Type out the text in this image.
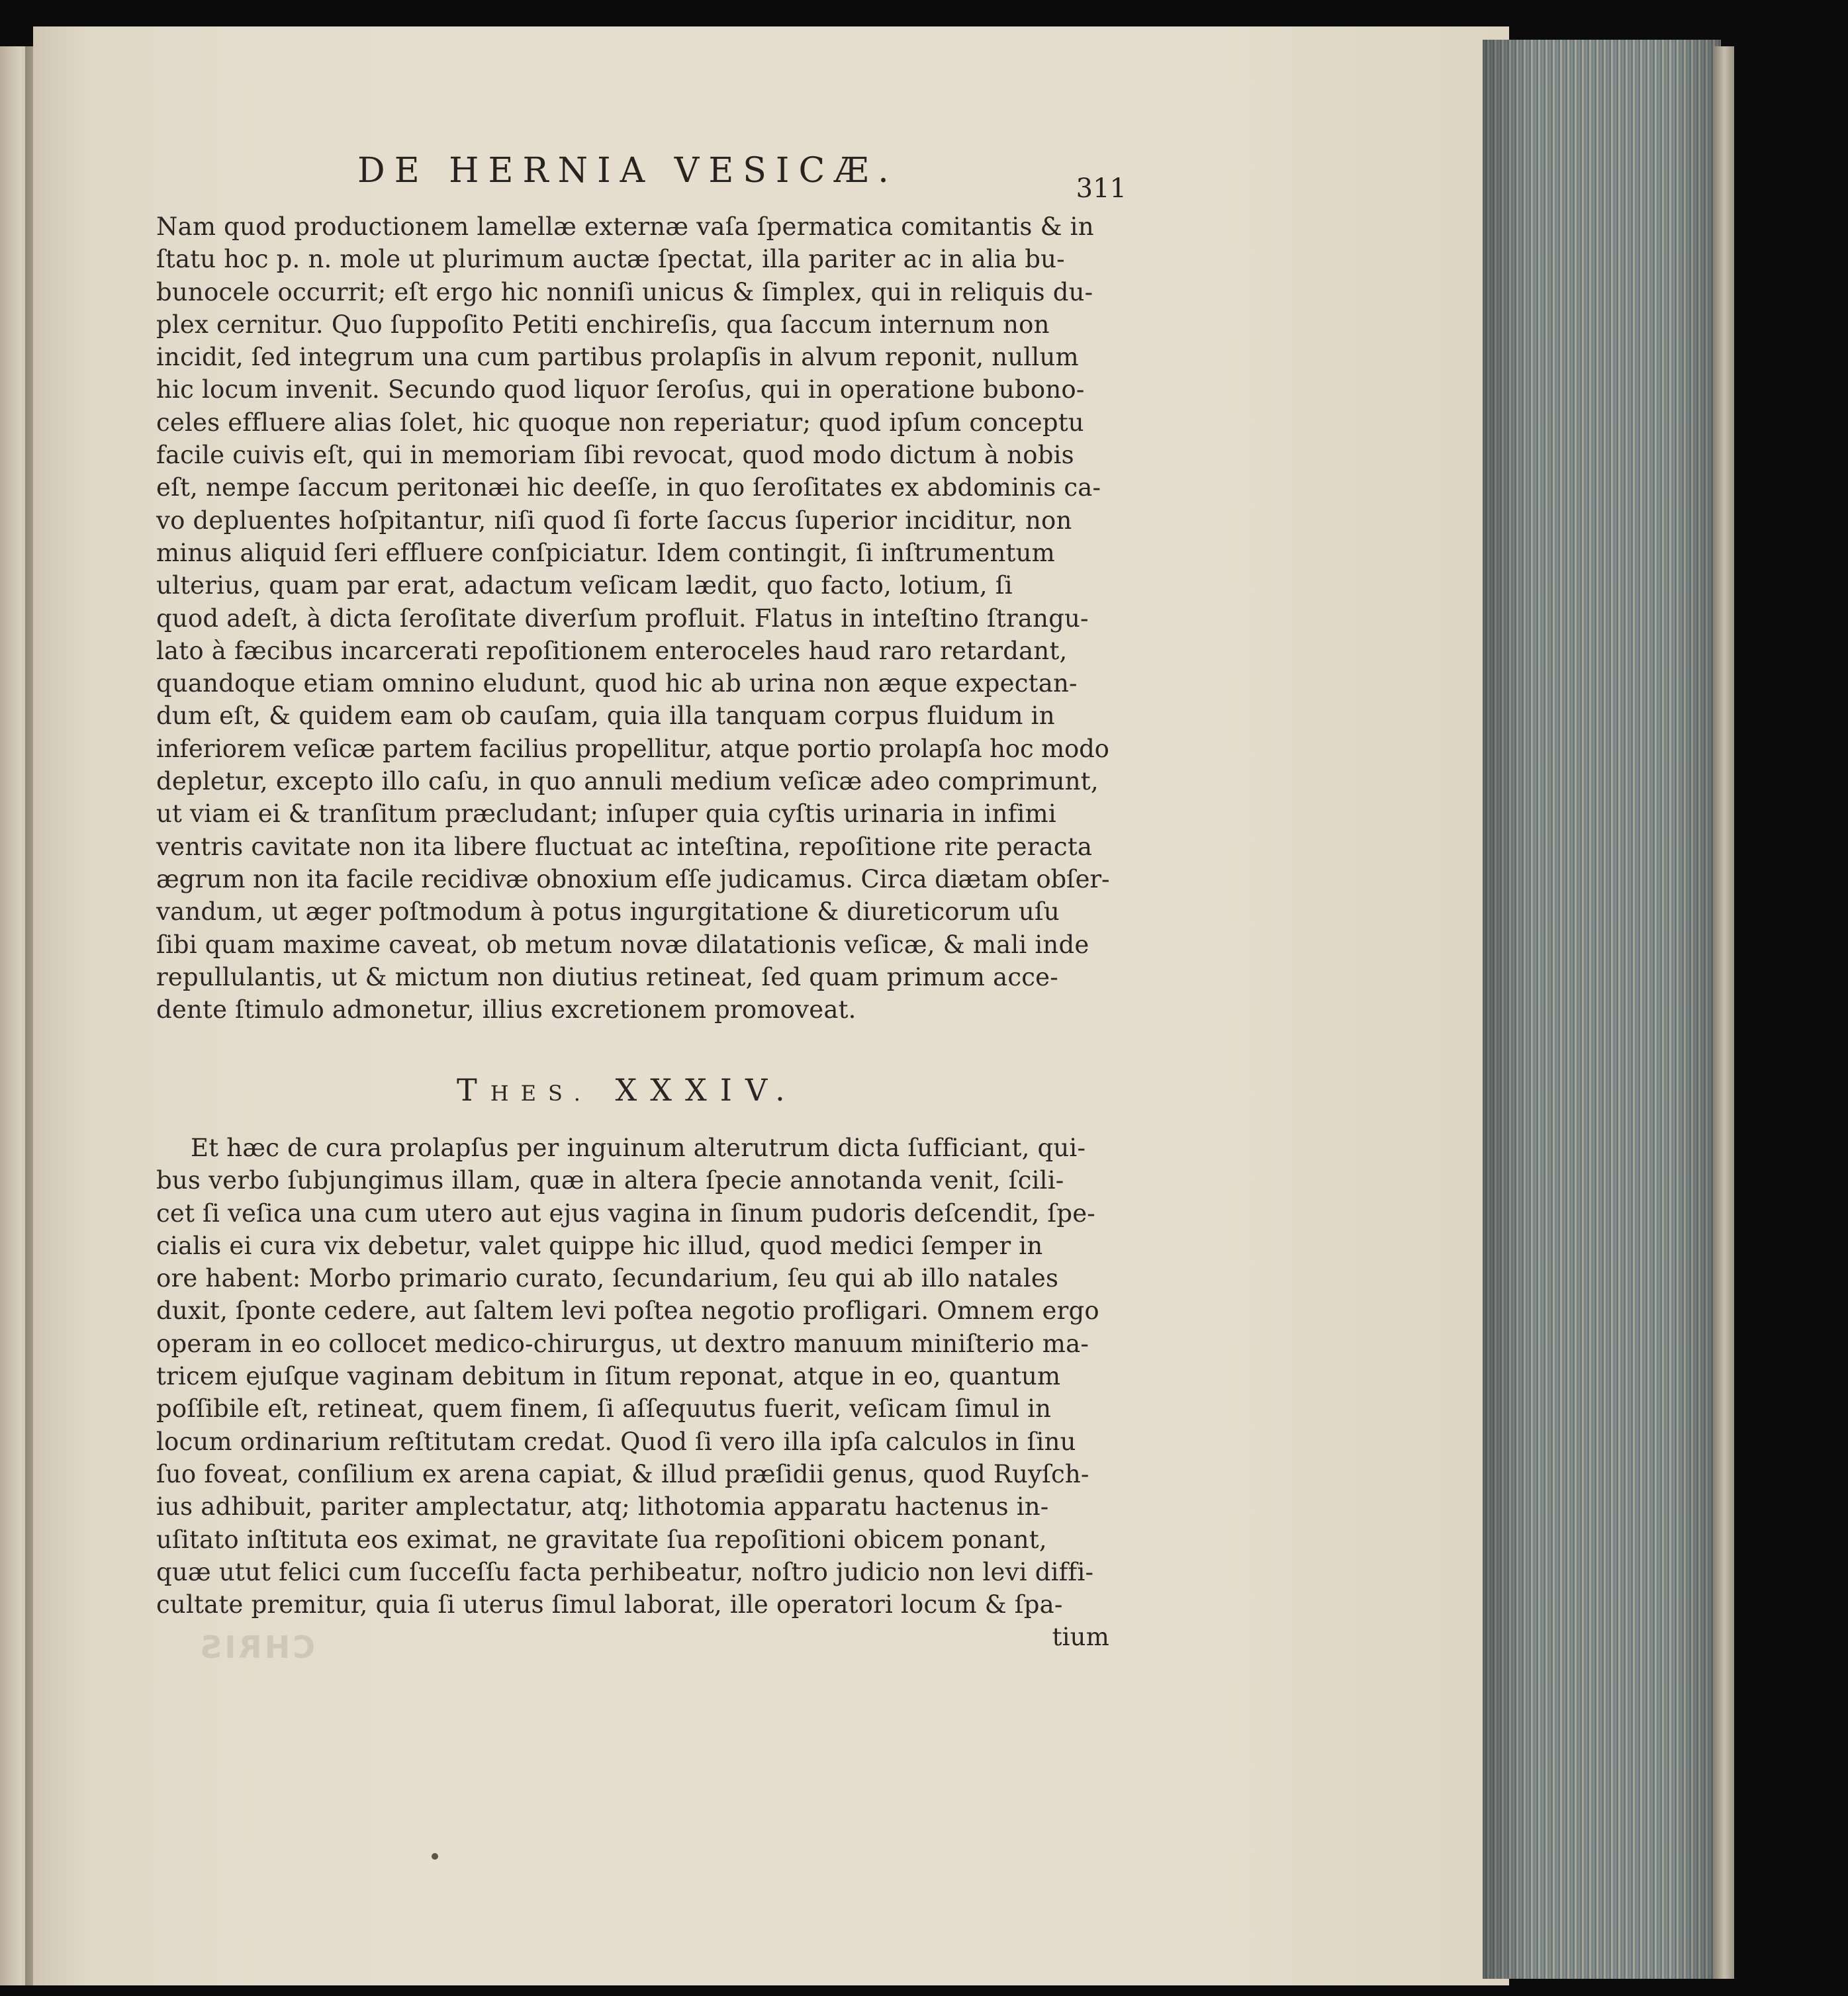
DE HERNIA VESICÆ.	311
Nam quod productionem lamellæ externæ vaſa ſpermatica comitantis & in
ſtatu hoc p. n. mole ut plurimum auctæ ſpectat, illa pariter ac in alia bu-
bunocele occurrit; eſt ergo hic nonniſi unicus & ſimplex, qui in reliquis du-
plex cernitur. Quo ſuppoſito Petiti enchireſis, qua ſaccum internum non
incidit, ſed integrum una cum partibus prolapſis in alvum reponit, nullum
hic locum invenit. Secundo quod liquor ſeroſus, qui in operatione bubono-
celes effluere alias ſolet, hic quoque non reperiatur; quod ipſum conceptu
facile cuivis eſt, qui in memoriam ſibi revocat, quod modo dictum à nobis
eſt, nempe ſaccum peritonæi hic deeſſe, in quo ſeroſitates ex abdominis ca-
vo depluentes hoſpitantur, niſi quod ſi forte ſaccus ſuperior inciditur, non
minus aliquid ſeri effluere conſpiciatur. Idem contingit, ſi inſtrumentum
ulterius, quam par erat, adactum veſicam lædit, quo facto, lotium, ſi
quod adeſt, à dicta ſeroſitate diverſum profluit. Flatus in inteſtino ſtrangu-
lato à fæcibus incarcerati repoſitionem enteroceles haud raro retardant,
quandoque etiam omnino eludunt, quod hic ab urina non æque expectan-
dum eſt, & quidem eam ob cauſam, quia illa tanquam corpus fluidum in
inferiorem veſicæ partem facilius propellitur, atque portio prolapſa hoc modo
depletur, excepto illo caſu, in quo annuli medium veſicæ adeo comprimunt,
ut viam ei & tranſitum præcludant; inſuper quia cyſtis urinaria in infimi
ventris cavitate non ita libere fluctuat ac inteſtina, repoſitione rite peracta
ægrum non ita facile recidivæ obnoxium eſſe judicamus. Circa diætam obſer-
vandum, ut æger poſtmodum à potus ingurgitatione & diureticorum uſu
ſibi quam maxime caveat, ob metum novæ dilatationis veſicæ, & mali inde
repullulantis, ut & mictum non diutius retineat, ſed quam primum acce-
dente ſtimulo admonetur, illius excretionem promoveat.
THES. XXXIV.
Et hæc de cura prolapſus per inguinum alterutrum dicta ſufficiant, qui-
bus verbo ſubjungimus illam, quæ in altera ſpecie annotanda venit, ſcili-
cet ſi veſica una cum utero aut ejus vagina in ſinum pudoris deſcendit, ſpe-
cialis ei cura vix debetur, valet quippe hic illud, quod medici ſemper in
ore habent: Morbo primario curato, ſecundarium, ſeu qui ab illo natales
duxit, ſponte cedere, aut ſaltem levi poſtea negotio profligari. Omnem ergo
operam in eo collocet medico-chirurgus, ut dextro manuum miniſterio ma-
tricem ejuſque vaginam debitum in ſitum reponat, atque in eo, quantum
poſſibile eſt, retineat, quem finem, ſi aſſequutus fuerit, veſicam ſimul in
locum ordinarium reſtitutam credat. Quod ſi vero illa ipſa calculos in ſinu
ſuo foveat, conſilium ex arena capiat, & illud præſidii genus, quod Ruyſch-
ius adhibuit, pariter amplectatur, atq; lithotomia apparatu hactenus in-
uſitato inſtituta eos eximat, ne gravitate ſua repoſitioni obicem ponant,
quæ utut felici cum ſucceſſu facta perhibeatur, noſtro judicio non levi diffi-
cultate premitur, quia ſi uterus ſimul laborat, ille operatori locum & ſpa-
tium
CHRIS
